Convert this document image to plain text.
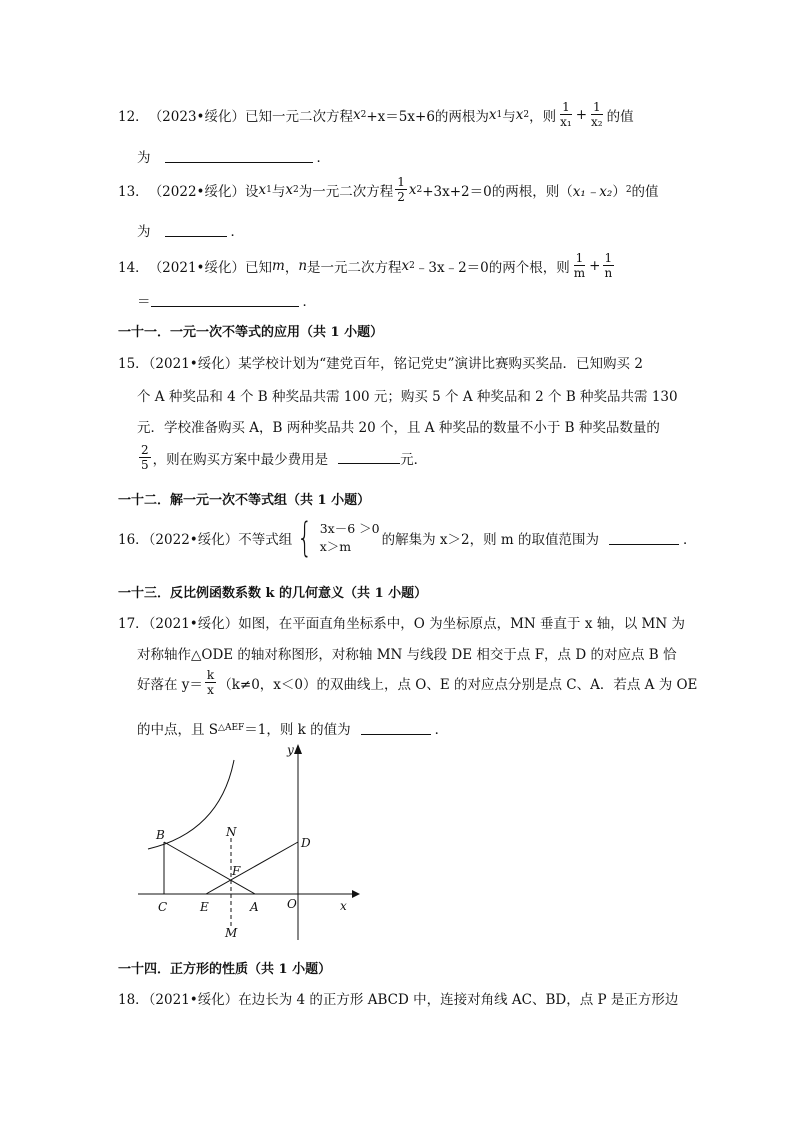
12． （2023•绥化） 已知一元二次方程 x 2 +x＝5x+6 的两根为 x 1 与 x 2 ，则 $\frac{1}{\text{x₁}} + \frac{1}{\text{x₂}}$ 的值
为	．
13． （2022•绥化） 设 x 1 与 x 2 为一元二次方程 $\frac{1}{2}$ x 2 +3x+2＝0 的两根，则（ x₁﹣x₂ ） 2 的值
为	．
14． （2021•绥化） 已知 m ， n 是一元二次方程 x 2 ﹣3x﹣2＝0 的两个根，则 $\frac{1}{m} + \frac{1}{n}$
＝	．
一十一．一元一次不等式的应用（共 1 小题）
15．（2021•绥化）某学校计划为“建党百年，铭记党史”演讲比赛购买奖品．已知购买 2
个 A 种奖品和 4 个 B 种奖品共需 100 元；购买 5 个 A 种奖品和 2 个 B 种奖品共需 130
元．学校准备购买 A，B 两种奖品共 20 个，且 A 种奖品的数量不小于 B 种奖品数量的
$\frac{2}{5}$ ，则在购买方案中最少费用是	元．
一十二．解一元一次不等式组（共 1 小题）
16．（2022•绥化）不等式组 { 3x－6 ＞0
x＞m	的解集为 x＞2，则 m 的取值范围为	．
一十三．反比例函数系数 k 的几何意义（共 1 小题）
17．（2021•绥化）如图，在平面直角坐标系中，O 为坐标原点，MN 垂直于 x 轴，以 MN 为
对称轴作△ODE 的轴对称图形，对称轴 MN 与线段 DE 相交于点 F，点 D 的对应点 B 恰
好落在 $y= \frac{k}{x} (k\ne 0$，x＜0）的双曲线上，点 O、E 的对应点分别是点 C、A．若点 A 为 OE
的中点，且 S △AEF ＝1，则 k 的值为	．
B	N
D
F
C	E	A O	x
y
M
一十四．正方形的性质（共 1 小题）
18．（2021•绥化）在边长为 4 的正方形 ABCD 中，连接对角线 AC、BD，点 P 是正方形边
